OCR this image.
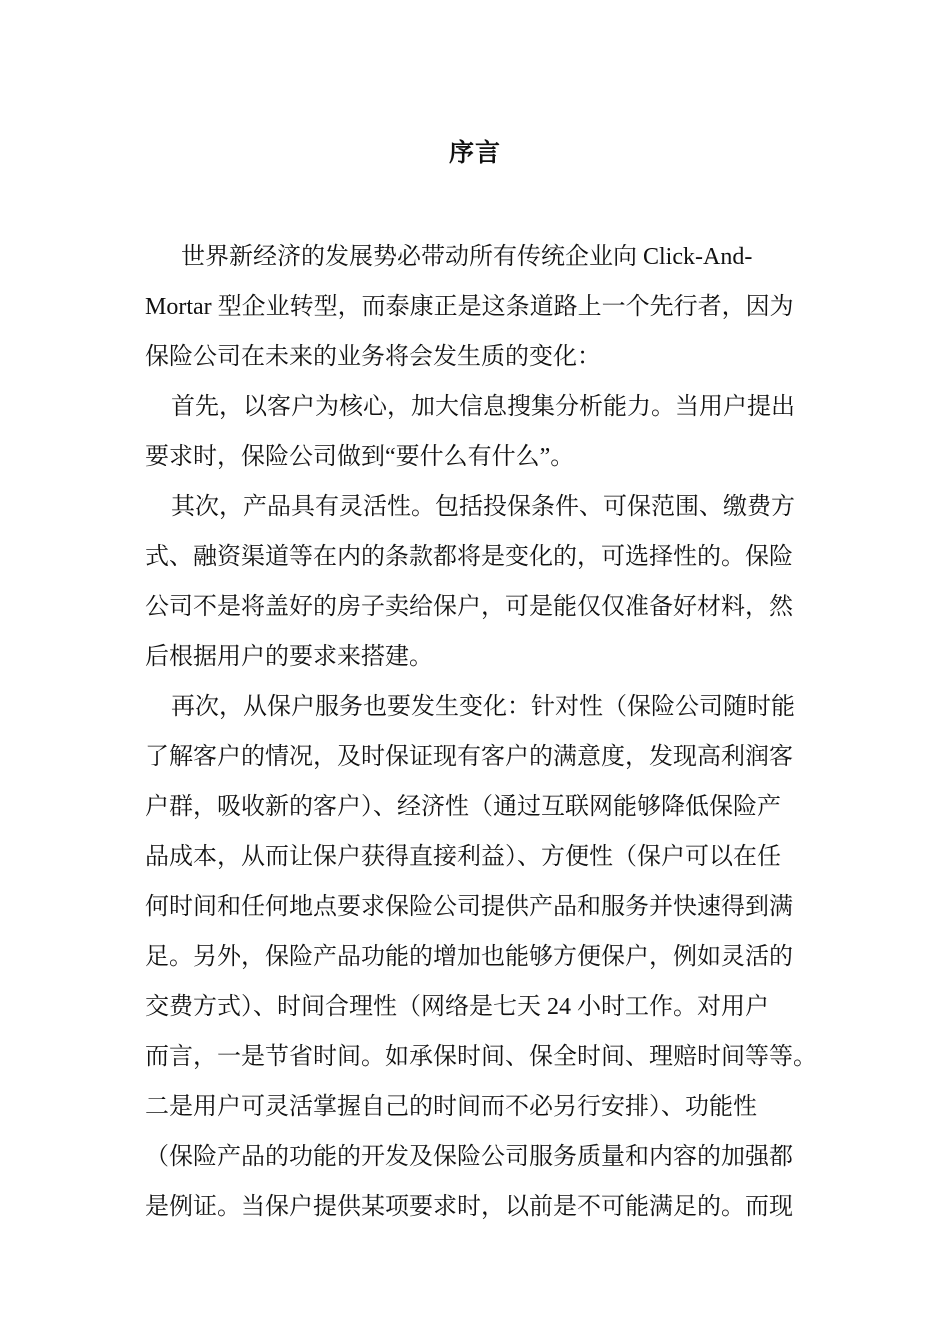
序言
世界新经济的发展势必带动所有传统企业向 Click-And-
Mortar 型企业转型，而泰康正是这条道路上一个先行者，因为
保险公司在未来的业务将会发生质的变化：
首先，以客户为核心，加大信息搜集分析能力。当用户提出
要求时，保险公司做到“要什么有什么”。
其次，产品具有灵活性。包括投保条件、可保范围、缴费方
式、融资渠道等在内的条款都将是变化的，可选择性的。保险
公司不是将盖好的房子卖给保户，可是能仅仅准备好材料，然
后根据用户的要求来搭建。
再次，从保户服务也要发生变化：针对性（保险公司随时能
了解客户的情况，及时保证现有客户的满意度，发现高利润客
户群，吸收新的客户）、经济性（通过互联网能够降低保险产
品成本，从而让保户获得直接利益）、方便性（保户可以在任
何时间和任何地点要求保险公司提供产品和服务并快速得到满
足。另外，保险产品功能的增加也能够方便保户，例如灵活的
交费方式）、时间合理性（网络是七天 24 小时工作。对用户
而言，一是节省时间。如承保时间、保全时间、理赔时间等等。
二是用户可灵活掌握自己的时间而不必另行安排）、功能性
（保险产品的功能的开发及保险公司服务质量和内容的加强都
是例证。当保户提供某项要求时，以前是不可能满足的。而现
